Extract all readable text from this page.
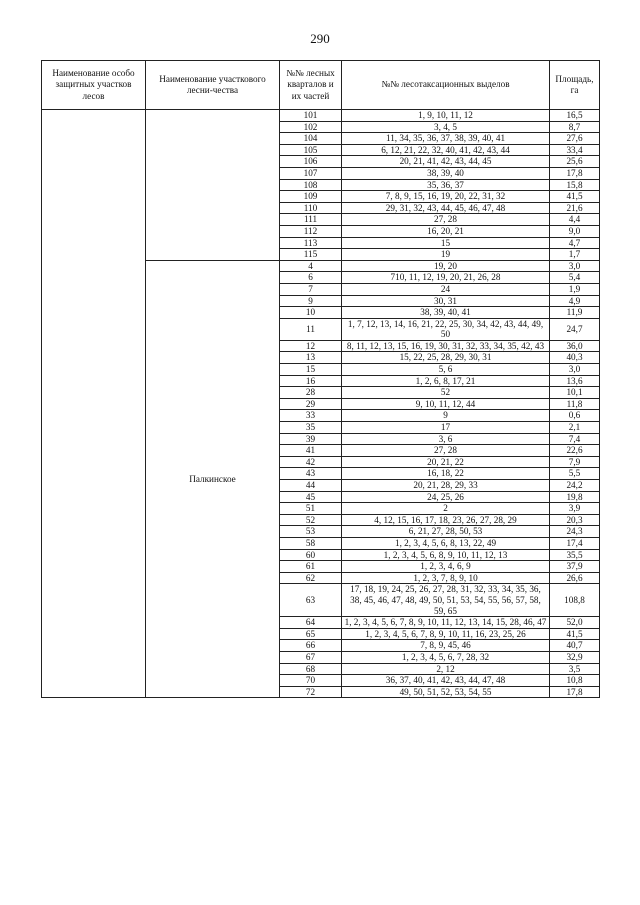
290
Наименование особо защитных участков лесов	Наименование участкового лесни-чества	№№ лесных кварталов и их частей	№№ лесотаксационных выделов	Площадь, га
		101	1, 9, 10, 11, 12	16,5
		102	3, 4, 5	8,7
		104	11, 34, 35, 36, 37, 38, 39, 40, 41	27,6
		105	6, 12, 21, 22, 32, 40, 41, 42, 43, 44	33,4
		106	20, 21, 41, 42, 43, 44, 45	25,6
		107	38, 39, 40	17,8
		108	35, 36, 37	15,8
		109	7, 8, 9, 15, 16, 19, 20, 22, 31, 32	41,5
		110	29, 31, 32, 43, 44, 45, 46, 47, 48	21,6
		111	27, 28	4,4
		112	16, 20, 21	9,0
		113	15	4,7
		115	19	1,7
	Палкинское	4	19, 20	3,0
		6	710, 11, 12, 19, 20, 21, 26, 28	5,4
		7	24	1,9
		9	30, 31	4,9
		10	38, 39, 40, 41	11,9
		11	1, 7, 12, 13, 14, 16, 21, 22, 25, 30, 34, 42, 43, 44, 49, 50	24,7
		12	8, 11, 12, 13, 15, 16, 19, 30, 31, 32, 33, 34, 35, 42, 43	36,0
		13	15, 22, 25, 28, 29, 30, 31	40,3
		15	5, 6	3,0
		16	1, 2, 6, 8, 17, 21	13,6
		28	52	10,1
		29	9, 10, 11, 12, 44	11,8
		33	9	0,6
		35	17	2,1
		39	3, 6	7,4
		41	27, 28	22,6
		42	20, 21, 22	7,9
		43	16, 18, 22	5,5
		44	20, 21, 28, 29, 33	24,2
		45	24, 25, 26	19,8
		51	2	3,9
		52	4, 12, 15, 16, 17, 18, 23, 26, 27, 28, 29	20,3
		53	6, 21, 27, 28, 50, 53	24,3
		58	1, 2, 3, 4, 5, 6, 8, 13, 22, 49	17,4
		60	1, 2, 3, 4, 5, 6, 8, 9, 10, 11, 12, 13	35,5
		61	1, 2, 3, 4, 6, 9	37,9
		62	1, 2, 3, 7, 8, 9, 10	26,6
		63	17, 18, 19, 24, 25, 26, 27, 28, 31, 32, 33, 34, 35, 36, 38, 45, 46, 47, 48, 49, 50, 51, 53, 54, 55, 56, 57, 58, 59, 65	108,8
		64	1, 2, 3, 4, 5, 6, 7, 8, 9, 10, 11, 12, 13, 14, 15, 28, 46, 47	52,0
		65	1, 2, 3, 4, 5, 6, 7, 8, 9, 10, 11, 16, 23, 25, 26	41,5
		66	7, 8, 9, 45, 46	40,7
		67	1, 2, 3, 4, 5, 6, 7, 28, 32	32,9
		68	2, 12	3,5
		70	36, 37, 40, 41, 42, 43, 44, 47, 48	10,8
		72	49, 50, 51, 52, 53, 54, 55	17,8
